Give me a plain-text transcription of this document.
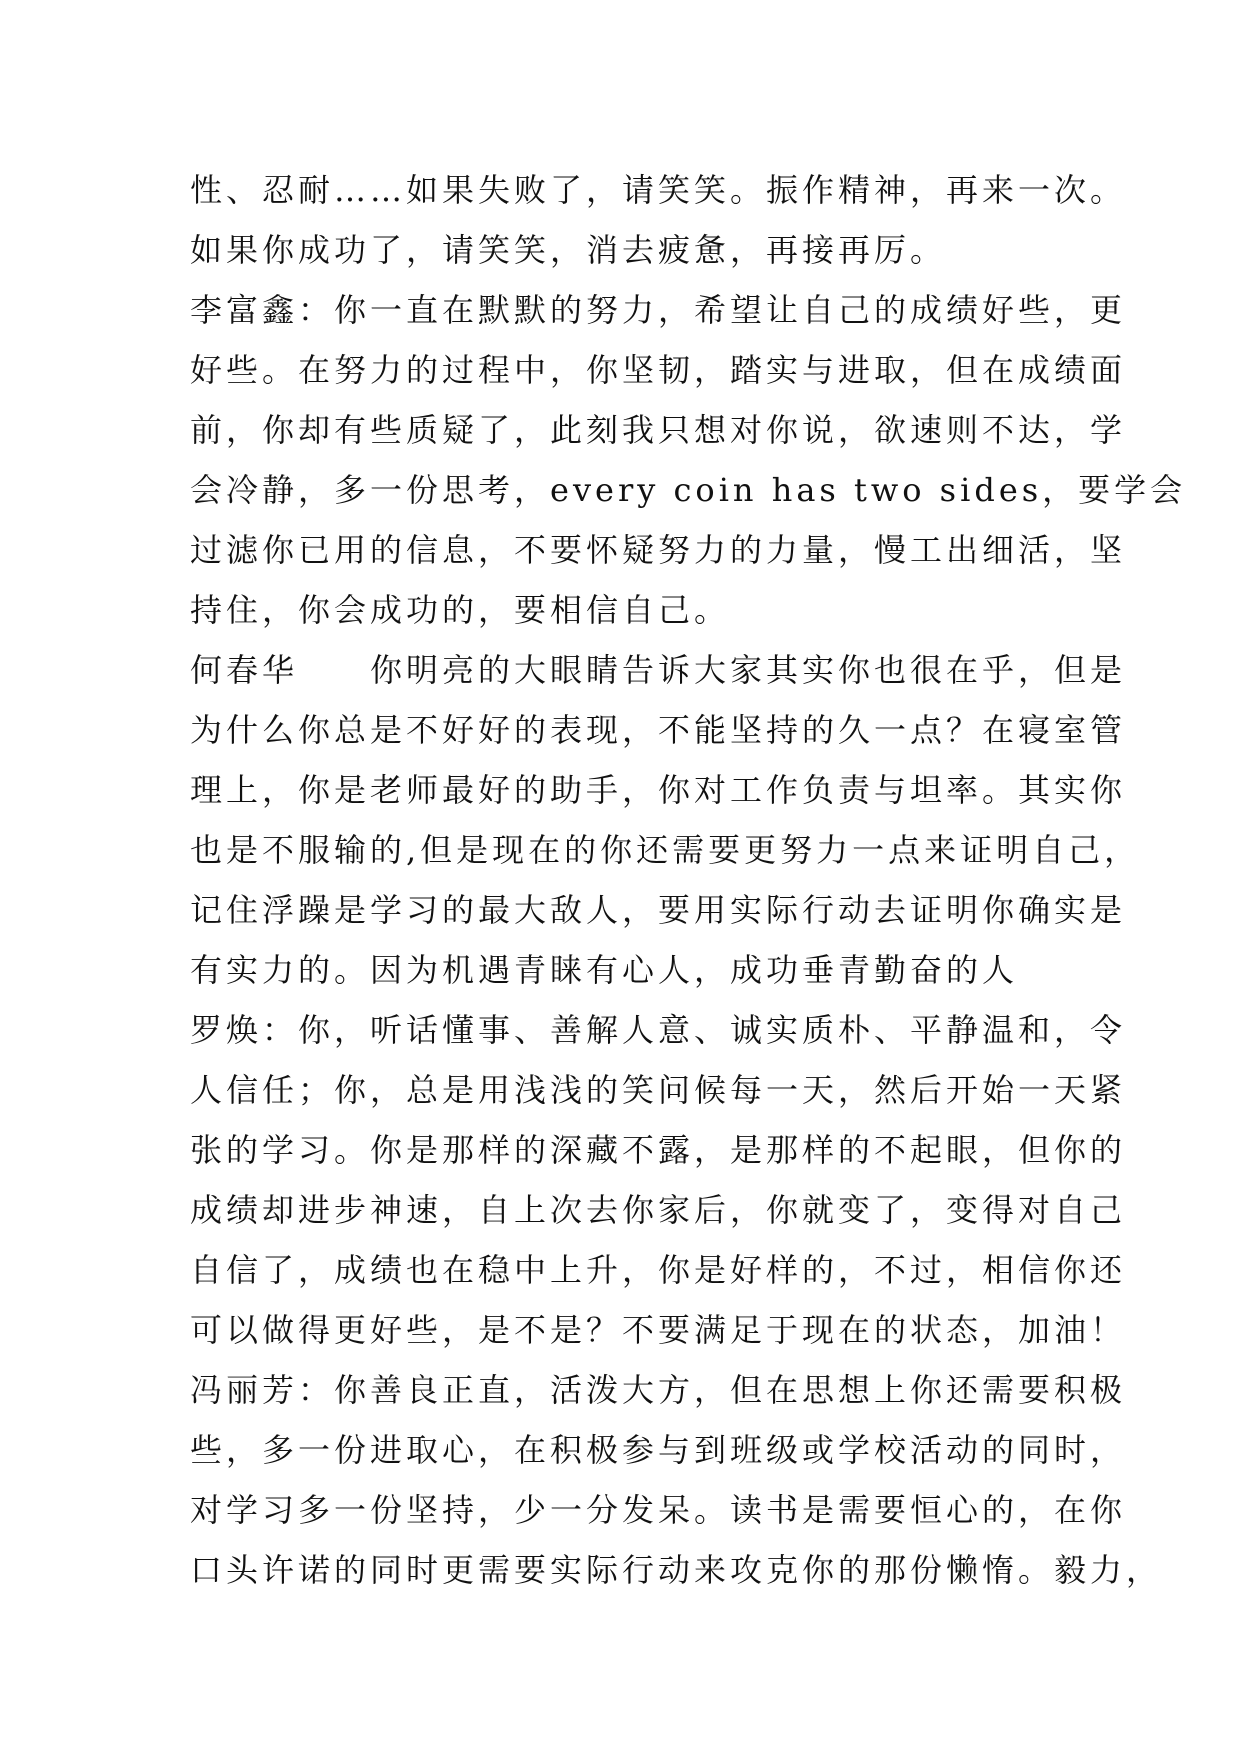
性、忍耐……如果失败了，请笑笑。振作精神，再来一次。
如果你成功了，请笑笑，消去疲惫，再接再厉。
李富鑫：你一直在默默的努力，希望让自己的成绩好些，更
好些。在努力的过程中，你坚韧，踏实与进取，但在成绩面
前，你却有些质疑了，此刻我只想对你说，欲速则不达，学
会冷静，多一份思考，every coin has two sides，要学会
过滤你已用的信息，不要怀疑努力的力量，慢工出细活，坚
持住，你会成功的，要相信自己。
何春华　　你明亮的大眼睛告诉大家其实你也很在乎，但是
为什么你总是不好好的表现，不能坚持的久一点？在寝室管
理上，你是老师最好的助手，你对工作负责与坦率。其实你
也是不服输的,但是现在的你还需要更努力一点来证明自己，
记住浮躁是学习的最大敌人，要用实际行动去证明你确实是
有实力的。因为机遇青睐有心人，成功垂青勤奋的人
罗焕：你，听话懂事、善解人意、诚实质朴、平静温和，令
人信任；你，总是用浅浅的笑问候每一天，然后开始一天紧
张的学习。你是那样的深藏不露，是那样的不起眼，但你的
成绩却进步神速，自上次去你家后，你就变了，变得对自己
自信了，成绩也在稳中上升，你是好样的，不过，相信你还
可以做得更好些，是不是？不要满足于现在的状态，加油！
冯丽芳：你善良正直，活泼大方，但在思想上你还需要积极
些，多一份进取心，在积极参与到班级或学校活动的同时，
对学习多一份坚持，少一分发呆。读书是需要恒心的，在你
口头许诺的同时更需要实际行动来攻克你的那份懒惰。毅力，
